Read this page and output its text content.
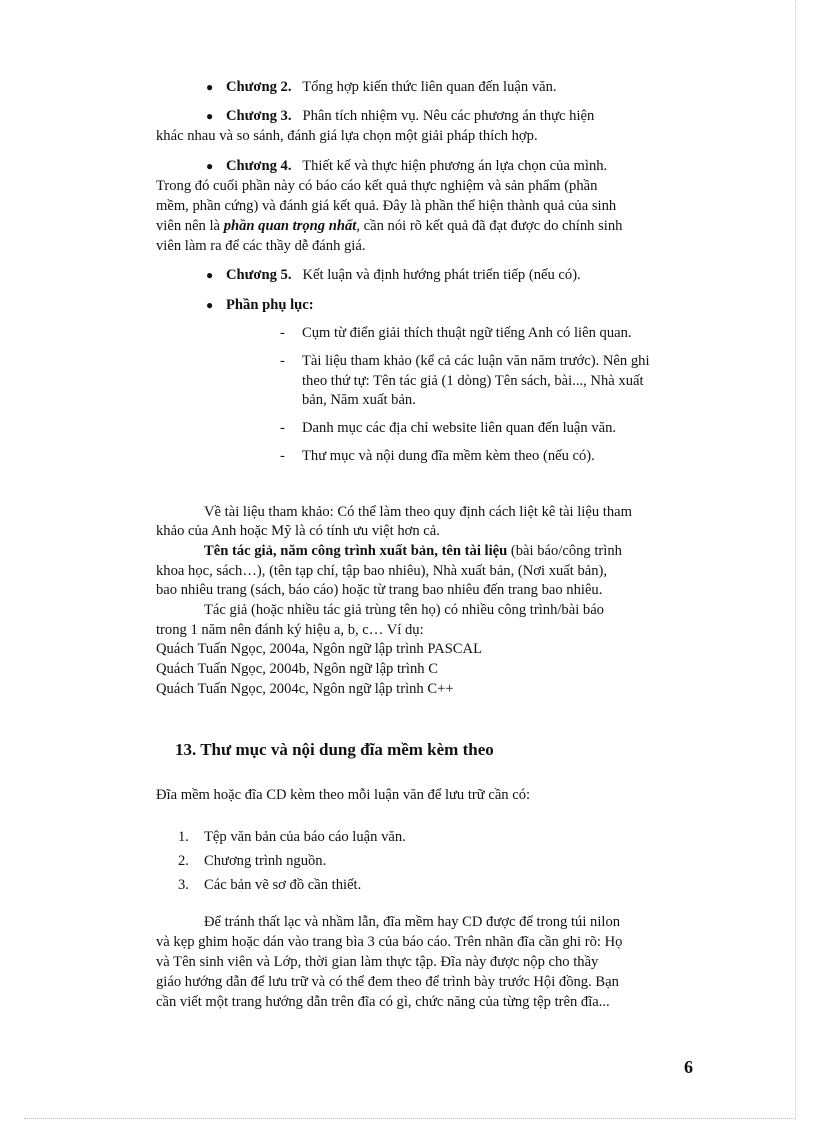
● Chương 2. Tổng hợp kiến thức liên quan đến luận văn.
● Chương 3. Phân tích nhiệm vụ. Nêu các phương án thực hiện
khác nhau và so sánh, đánh giá lựa chọn một giải pháp thích hợp.
● Chương 4. Thiết kế và thực hiện phương án lựa chọn của mình.
Trong đó cuối phần này có báo cáo kết quả thực nghiệm và sản phẩm (phần
mềm, phần cứng) và đánh giá kết quả. Đây là phần thể hiện thành quả của sinh
viên nên là phần quan trọng nhất, cần nói rõ kết quả đã đạt được do chính sinh
viên làm ra để các thầy dễ đánh giá.
● Chương 5. Kết luận và định hướng phát triển tiếp (nếu có).
● Phần phụ lục:
- Cụm từ điển giải thích thuật ngữ tiếng Anh có liên quan.
- Tài liệu tham khảo (kể cả các luận văn năm trước). Nên ghi
theo thứ tự: Tên tác giả (1 dòng) Tên sách, bài..., Nhà xuất
bản, Năm xuất bản.
- Danh mục các địa chỉ website liên quan đến luận văn.
- Thư mục và nội dung đĩa mềm kèm theo (nếu có).
Về tài liệu tham khảo: Có thể làm theo quy định cách liệt kê tài liệu tham
khảo của Anh hoặc Mỹ là có tính ưu việt hơn cả.
Tên tác giả, năm công trình xuất bản, tên tài liệu (bài báo/công trình
khoa học, sách…), (tên tạp chí, tập bao nhiêu), Nhà xuất bản, (Nơi xuất bản),
bao nhiêu trang (sách, báo cáo) hoặc từ trang bao nhiêu đến trang bao nhiêu.
Tác giả (hoặc nhiều tác giả trùng tên họ) có nhiều công trình/bài báo
trong 1 năm nên đánh ký hiệu a, b, c… Ví dụ:
Quách Tuấn Ngọc, 2004a, Ngôn ngữ lập trình PASCAL
Quách Tuấn Ngọc, 2004b, Ngôn ngữ lập trình C
Quách Tuấn Ngọc, 2004c, Ngôn ngữ lập trình C++
13. Thư mục và nội dung đĩa mềm kèm theo
Đĩa mềm hoặc đĩa CD kèm theo mỗi luận văn để lưu trữ cần có:
1.	Tệp văn bản của báo cáo luận văn.
2.	Chương trình nguồn.
3.	Các bản vẽ sơ đồ cần thiết.
Để tránh thất lạc và nhầm lẫn, đĩa mềm hay CD được để trong túi nilon
và kẹp ghim hoặc dán vào trang bìa 3 của báo cáo. Trên nhãn đĩa cần ghi rõ: Họ
và Tên sinh viên và Lớp, thời gian làm thực tập. Đĩa này được nộp cho thầy
giáo hướng dẫn để lưu trữ và có thể đem theo để trình bày trước Hội đồng. Bạn
cần viết một trang hướng dẫn trên đĩa có gì, chức năng của từng tệp trên đĩa...
6
